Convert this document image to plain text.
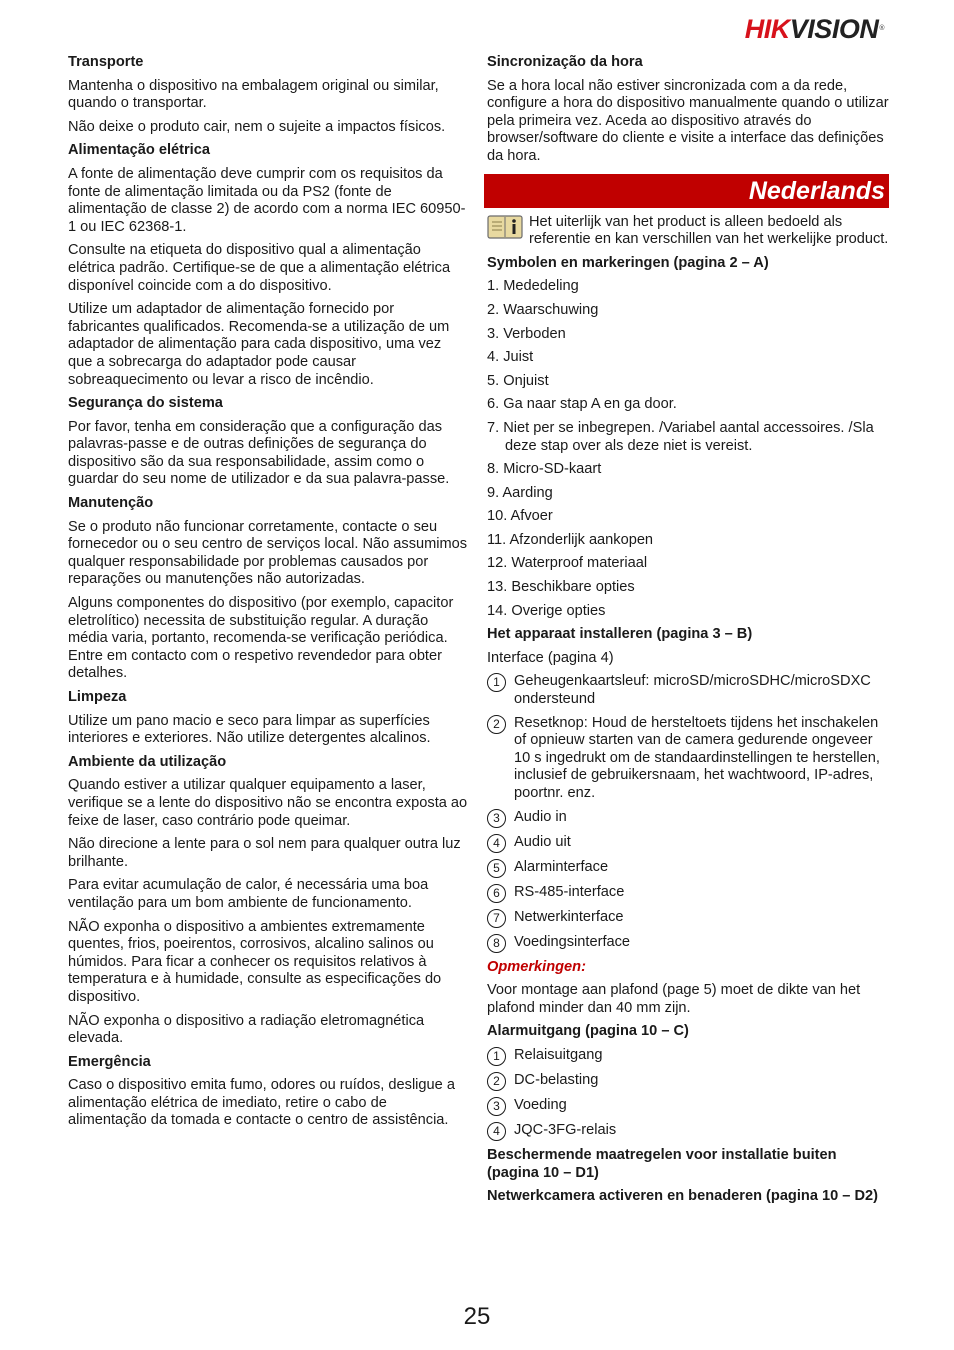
HIKVISION®
Transporte

Mantenha o dispositivo na embalagem original ou similar, quando o transportar.

Não deixe o produto cair, nem o sujeite a impactos físicos.

Alimentação elétrica

A fonte de alimentação deve cumprir com os requisitos da fonte de alimentação limitada ou da PS2 (fonte de alimentação de classe 2) de acordo com a norma IEC 60950-1 ou IEC 62368-1.

Consulte na etiqueta do dispositivo qual a alimentação elétrica padrão. Certifique-se de que a alimentação elétrica disponível coincide com a do dispositivo.

Utilize um adaptador de alimentação fornecido por fabricantes qualificados. Recomenda-se a utilização de um adaptador de alimentação para cada dispositivo, uma vez que a sobrecarga do adaptador pode causar sobreaquecimento ou levar a risco de incêndio.

Segurança do sistema

Por favor, tenha em consideração que a configuração das palavras-passe e de outras definições de segurança do dispositivo são da sua responsabilidade, assim como o guardar do seu nome de utilizador e da sua palavra-passe.

Manutenção

Se o produto não funcionar corretamente, contacte o seu fornecedor ou o seu centro de serviços local. Não assumimos qualquer responsabilidade por problemas causados por reparações ou manutenções não autorizadas.

Alguns componentes do dispositivo (por exemplo, capacitor eletrolítico) necessita de substituição regular. A duração média varia, portanto, recomenda-se verificação periódica. Entre em contacto com o respetivo revendedor para obter detalhes.

Limpeza

Utilize um pano macio e seco para limpar as superfícies interiores e exteriores. Não utilize detergentes alcalinos.

Ambiente da utilização

Quando estiver a utilizar qualquer equipamento a laser, verifique se a lente do dispositivo não se encontra exposta ao feixe de laser, caso contrário pode queimar.

Não direcione a lente para o sol nem para qualquer outra luz brilhante.

Para evitar acumulação de calor, é necessária uma boa ventilação para um bom ambiente de funcionamento.

NÃO exponha o dispositivo a ambientes extremamente quentes, frios, poeirentos, corrosivos, alcalino salinos ou húmidos. Para ficar a conhecer os requisitos relativos à temperatura e à humidade, consulte as especificações do dispositivo.

NÃO exponha o dispositivo a radiação eletromagnética elevada.

Emergência

Caso o dispositivo emita fumo, odores ou ruídos, desligue a alimentação elétrica de imediato, retire o cabo de alimentação da tomada e contacte o centro de assistência.

Sincronização da hora

Se a hora local não estiver sincronizada com a da rede, configure a hora do dispositivo manualmente quando o utilizar pela primeira vez. Aceda ao dispositivo através do browser/software do cliente e visite a interface das definições da hora.

Nederlands
Het uiterlijk van het product is alleen bedoeld als referentie en kan verschillen van het werkelijke product.
Symbolen en markeringen (pagina 2 – A)
1. Mededeling
2. Waarschuwing
3. Verboden
4. Juist
5. Onjuist
6. Ga naar stap A en ga door.
7. Niet per se inbegrepen. /Variabel aantal accessoires. /Sla deze stap over als deze niet is vereist.
8. Micro-SD-kaart
9. Aarding
10. Afvoer
11. Afzonderlijk aankopen
12. Waterproof materiaal
13. Beschikbare opties
14. Overige opties
Het apparaat installeren (pagina 3 – B)

Interface (pagina 4)

1 Geheugenkaartsleuf: microSD/microSDHC/microSDXC ondersteund
2 Resetknop: Houd de hersteltoets tijdens het inschakelen of opnieuw starten van de camera gedurende ongeveer 10 s ingedrukt om de standaardinstellingen te herstellen, inclusief de gebruikersnaam, het wachtwoord, IP-adres, poortnr. enz.
3 Audio in
4 Audio uit
5 Alarminterface
6 RS-485-interface
7 Netwerkinterface
8 Voedingsinterface
Opmerkingen:

Voor montage aan plafond (page 5) moet de dikte van het plafond minder dan 40 mm zijn.

Alarmuitgang (pagina 10 – C)
1 Relaisuitgang
2 DC-belasting
3 Voeding
4 JQC-3FG-relais
Beschermende maatregelen voor installatie buiten (pagina 10 – D1)
Netwerkcamera activeren en benaderen (pagina 10 – D2)
25
